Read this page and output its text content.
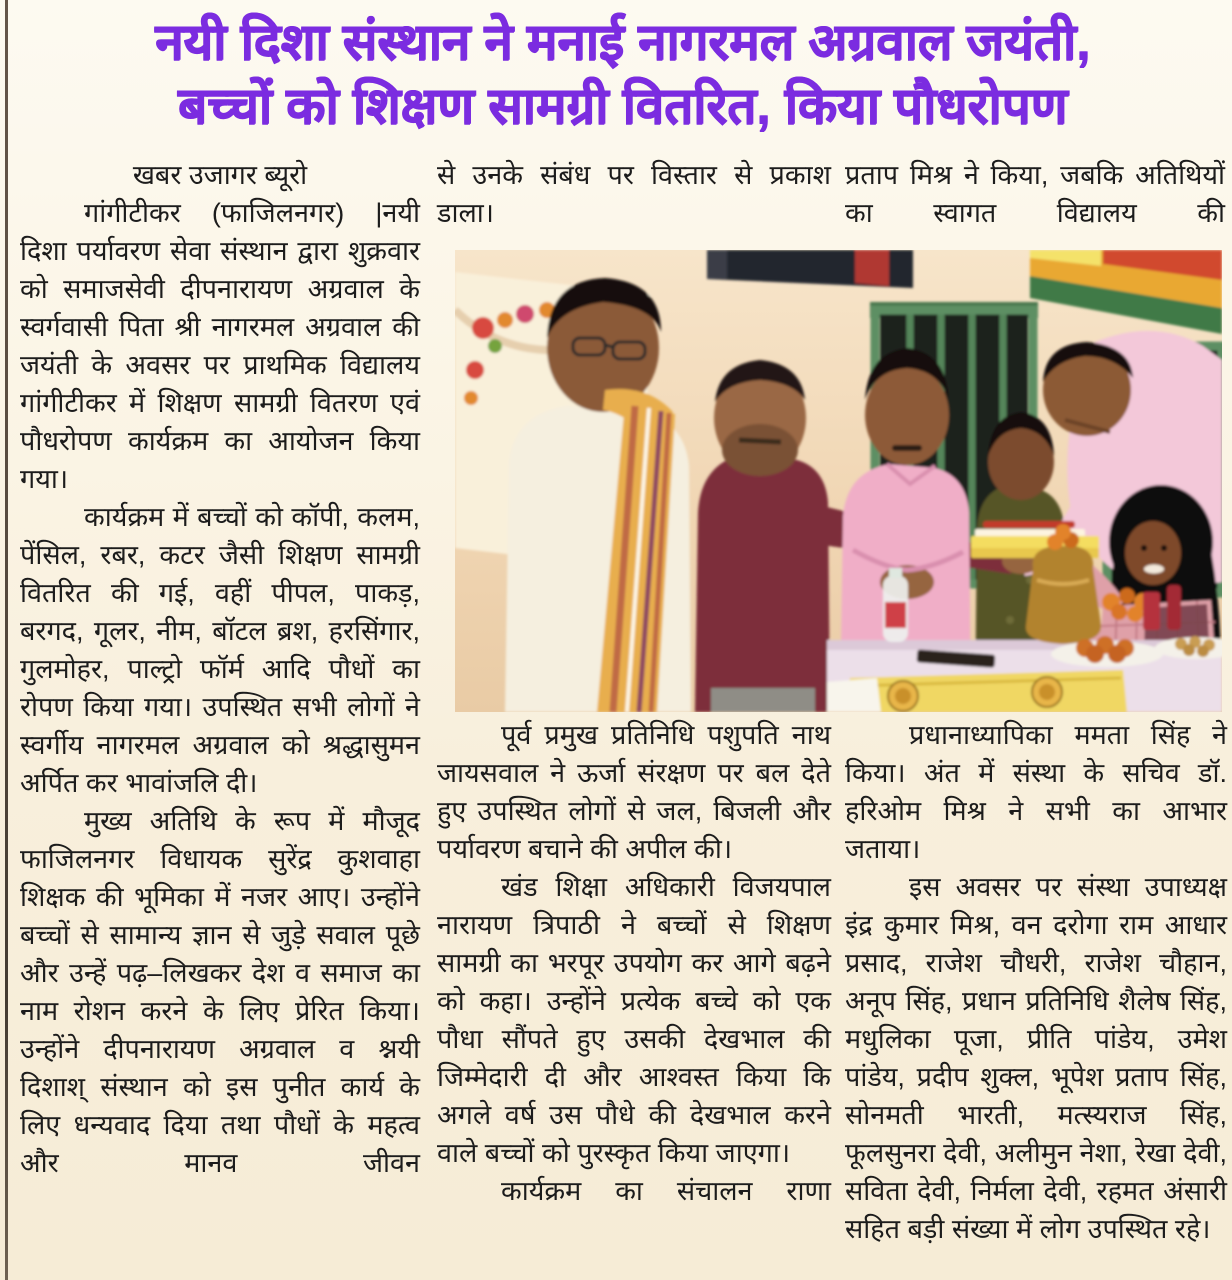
नयी दिशा संस्थान ने मनाई नागरमल अग्रवाल जयंती,
बच्चों को शिक्षण सामग्री वितरित, किया पौधरोपण

खबर उजागर ब्यूरो

गांगीटीकर (फाजिलनगर) |नयी दिशा पर्यावरण सेवा संस्थान द्वारा शुक्रवार को समाजसेवी दीपनारायण अग्रवाल के स्वर्गवासी पिता श्री नागरमल अग्रवाल की जयंती के अवसर पर प्राथमिक विद्यालय गांगीटीकर में शिक्षण सामग्री वितरण एवं पौधरोपण कार्यक्रम का आयोजन किया गया।

कार्यक्रम में बच्चों को कॉपी, कलम, पेंसिल, रबर, कटर जैसी शिक्षण सामग्री वितरित की गई, वहीं पीपल, पाकड़, बरगद, गूलर, नीम, बॉटल ब्रश, हरसिंगार, गुलमोहर, पाल्ट्रो फॉर्म आदि पौधों का रोपण किया गया। उपस्थित सभी लोगों ने स्वर्गीय नागरमल अग्रवाल को श्रद्धासुमन अर्पित कर भावांजलि दी।

मुख्य अतिथि के रूप में मौजूद फाजिलनगर विधायक सुरेंद्र कुशवाहा शिक्षक की भूमिका में नजर आए। उन्होंने बच्चों से सामान्य ज्ञान से जुड़े सवाल पूछे और उन्हें पढ़–लिखकर देश व समाज का नाम रोशन करने के लिए प्रेरित किया। उन्होंने दीपनारायण अग्रवाल व श्नयी दिशाश् संस्थान को इस पुनीत कार्य के लिए धन्यवाद दिया तथा पौधों के महत्व और मानव जीवन

से उनके संबंध पर विस्तार से प्रकाश डाला।

प्रताप मिश्र ने किया, जबकि अतिथियों का स्वागत विद्यालय की

पूर्व प्रमुख प्रतिनिधि पशुपति नाथ जायसवाल ने ऊर्जा संरक्षण पर बल देते हुए उपस्थित लोगों से जल, बिजली और पर्यावरण बचाने की अपील की।

खंड शिक्षा अधिकारी विजयपाल नारायण त्रिपाठी ने बच्चों से शिक्षण सामग्री का भरपूर उपयोग कर आगे बढ़ने को कहा। उन्होंने प्रत्येक बच्चे को एक पौधा सौंपते हुए उसकी देखभाल की जिम्मेदारी दी और आश्वस्त किया कि अगले वर्ष उस पौधे की देखभाल करने वाले बच्चों को पुरस्कृत किया जाएगा।

कार्यक्रम का संचालन राणा

प्रधानाध्यापिका ममता सिंह ने किया। अंत में संस्था के सचिव डॉ. हरिओम मिश्र ने सभी का आभार जताया।

इस अवसर पर संस्था उपाध्यक्ष इंद्र कुमार मिश्र, वन दरोगा राम आधार प्रसाद, राजेश चौधरी, राजेश चौहान, अनूप सिंह, प्रधान प्रतिनिधि शैलेष सिंह, मधुलिका पूजा, प्रीति पांडेय, उमेश पांडेय, प्रदीप शुक्ल, भूपेश प्रताप सिंह, सोनमती भारती, मत्स्यराज सिंह, फूलसुनरा देवी, अलीमुन नेशा, रेखा देवी, सविता देवी, निर्मला देवी, रहमत अंसारी सहित बड़ी संख्या में लोग उपस्थित रहे।
